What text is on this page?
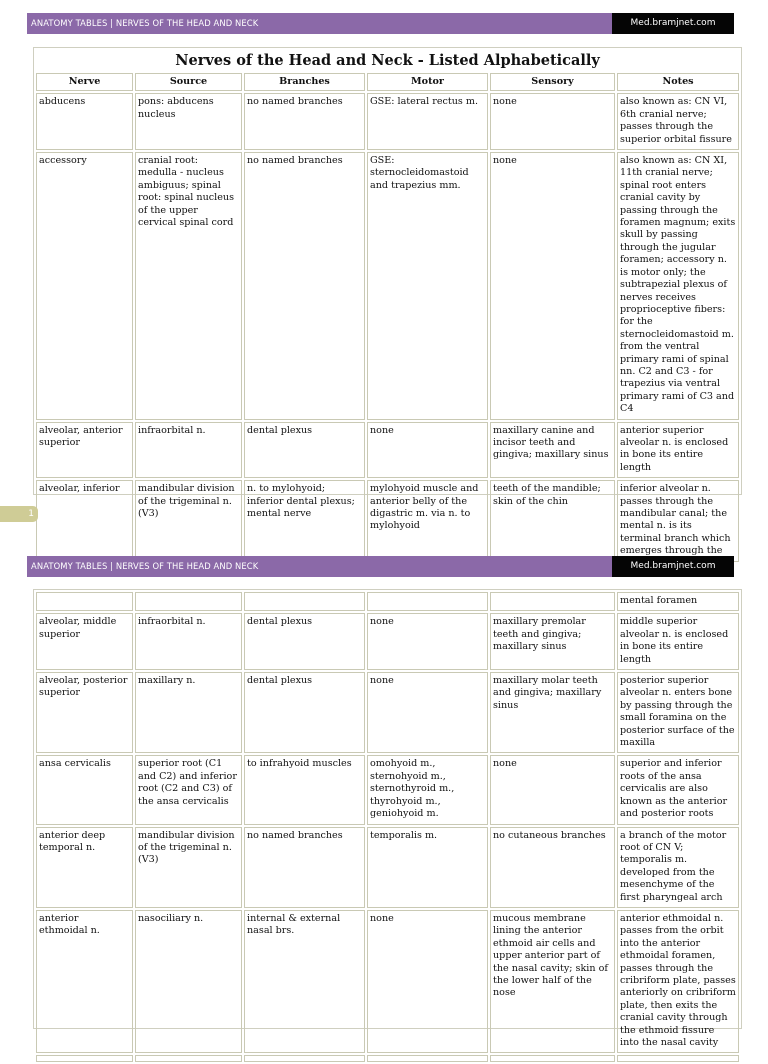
ANATOMY TABLES | NERVES OF THE HEAD AND NECK	Med.bramjnet.com
Nerves of the Head and Neck - Listed Alphabetically					
Nerve	Source	Branches	Motor	Sensory	Notes
abducens	pons: abducens nucleus	no named branches	GSE: lateral rectus m.	none	also known as: CN VI, 6th cranial nerve; passes through the superior orbital fissure
accessory	cranial root: medulla - nucleus ambiguus; spinal root: spinal nucleus of the upper cervical spinal cord	no named branches	GSE: sternocleidomastoid and trapezius mm.	none	also known as: CN XI, 11th cranial nerve; spinal root enters cranial cavity by passing through the foramen magnum; exits skull by passing through the jugular foramen; accessory n. is motor only; the subtrapezial plexus of nerves receives proprioceptive fibers: for the sternocleidomastoid m. from the ventral primary rami of spinal nn. C2 and C3 - for trapezius via ventral primary rami of C3 and C4
alveolar, anterior superior	infraorbital n.	dental plexus	none	maxillary canine and incisor teeth and gingiva; maxillary sinus	anterior superior alveolar n. is enclosed in bone its entire length
alveolar, inferior	mandibular division of the trigeminal n.(V3)	n. to mylohyoid; inferior dental plexus; mental nerve	mylohyoid muscle and anterior belly of the digastric m. via n. to mylohyoid	teeth of the mandible; skin of the chin	inferior alveolar n. passes through the mandibular canal; the mental n. is its terminal branch which emerges through the
1
ANATOMY TABLES | NERVES OF THE HEAD AND NECK	Med.bramjnet.com
					mental foramen
alveolar, middle superior	infraorbital n.	dental plexus	none	maxillary premolar teeth and gingiva; maxillary sinus	middle superior alveolar n. is enclosed in bone its entire length
alveolar, posterior superior	maxillary n.	dental plexus	none	maxillary molar teeth and gingiva; maxillary sinus	posterior superior alveolar n. enters bone by passing through the small foramina on the posterior surface of the maxilla
ansa cervicalis	superior root (C1 and C2) and inferior root (C2 and C3) of the ansa cervicalis	to infrahyoid muscles	omohyoid m., sternohyoid m., sternothyroid m., thyrohyoid m., geniohyoid m.	none	superior and inferior roots of the ansa cervicalis are also known as the anterior and posterior roots
anterior deep temporal n.	mandibular division of the trigeminal n. (V3)	no named branches	temporalis m.	no cutaneous branches	a branch of the motor root of CN V; temporalis m. developed from the mesenchyme of the first pharyngeal arch
anterior ethmoidal n.	nasociliary n.	internal & external nasal brs.	none	mucous membrane lining the anterior ethmoid air cells and upper anterior part of the nasal cavity; skin of the lower half of the nose	anterior ethmoidal n. passes from the orbit into the anterior ethmoidal foramen, passes through the cribriform plate, passes anteriorly on cribriform plate, then exits the cranial cavity through the ethmoid fissure into the nasal cavity
